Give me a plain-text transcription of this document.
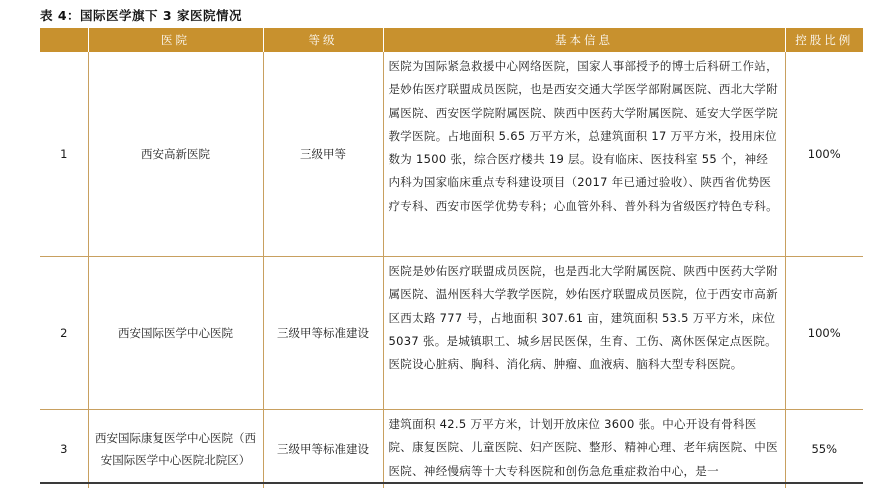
表 4：国际医学旗下 3 家医院情况
	医院	等级	基本信息	控股比例
1	西安高新医院	三级甲等	医院为国际紧急救援中心网络医院，国家人事部授予的博士后科研工作站，是妙佑医疗联盟成员医院，也是西安交通大学医学部附属医院、西北大学附属医院、西安医学院附属医院、陕西中医药大学附属医院、延安大学医学院教学医院。占地面积 5.65 万平方米，总建筑面积 17 万平方米，投用床位数为 1500 张，综合医疗楼共 19 层。设有临床、医技科室 55 个，神经内科为国家临床重点专科建设项目（2017 年已通过验收）、陕西省优势医疗专科、西安市医学优势专科；心血管外科、普外科为省级医疗特色专科。	100%
2	西安国际医学中心医院	三级甲等标准建设	医院是妙佑医疗联盟成员医院，也是西北大学附属医院、陕西中医药大学附属医院、温州医科大学教学医院，妙佑医疗联盟成员医院，位于西安市高新区西太路 777 号，占地面积 307.61 亩，建筑面积 53.5 万平方米，床位 5037 张。是城镇职工、城乡居民医保，生育、工伤、离休医保定点医院。医院设心脏病、胸科、消化病、肿瘤、血液病、脑科大型专科医院。	100%
3	西安国际康复医学中心医院（西安国际医学中心医院北院区）	三级甲等标准建设	建筑面积 42.5 万平方米，计划开放床位 3600 张。中心开设有骨科医院、康复医院、儿童医院、妇产医院、整形、精神心理、老年病医院、中医医院、神经慢病等十大专科医院和创伤急危重症救治中心，是一	55%
